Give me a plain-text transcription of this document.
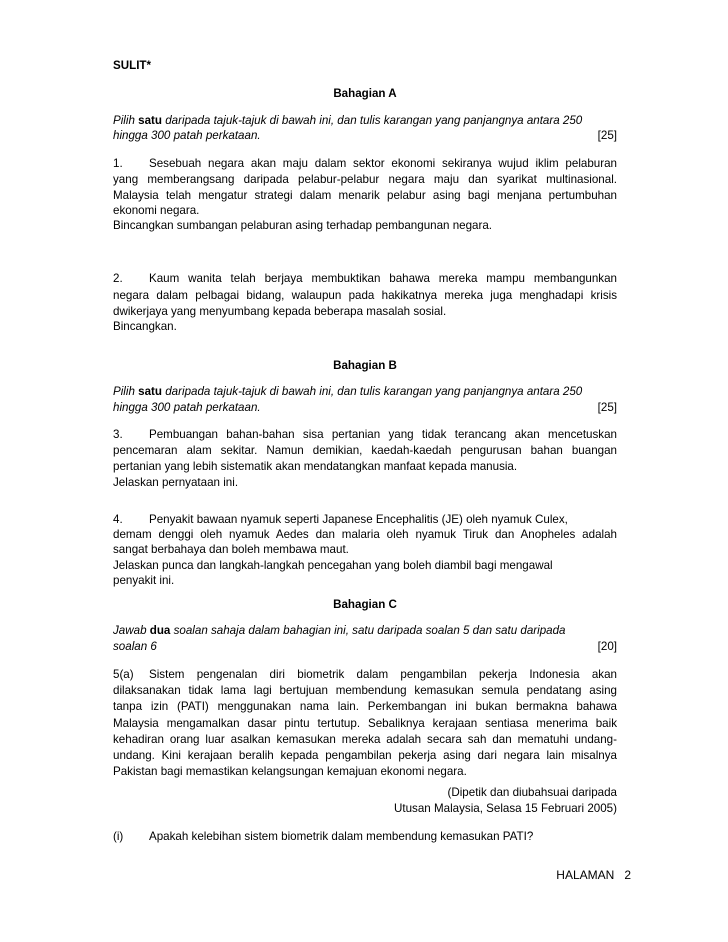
SULIT*
Bahagian A
Pilih satu daripada tajuk-tajuk di bawah ini, dan tulis karangan yang panjangnya antara 250
hingga 300 patah perkataan.	[25]
1. Sesebuah negara akan maju dalam sektor ekonomi sekiranya wujud iklim pelaburan
yang memberangsang daripada pelabur-pelabur negara maju dan syarikat multinasional.
Malaysia telah mengatur strategi dalam menarik pelabur asing bagi menjana pertumbuhan
ekonomi negara.
Bincangkan sumbangan pelaburan asing terhadap pembangunan negara.
2. Kaum wanita telah berjaya membuktikan bahawa mereka mampu membangunkan
negara dalam pelbagai bidang, walaupun pada hakikatnya mereka juga menghadapi krisis
dwikerjaya yang menyumbang kepada beberapa masalah sosial.
Bincangkan.
Bahagian B
Pilih satu daripada tajuk-tajuk di bawah ini, dan tulis karangan yang panjangnya antara 250
hingga 300 patah perkataan.	[25]
3. Pembuangan bahan-bahan sisa pertanian yang tidak terancang akan mencetuskan
pencemaran alam sekitar. Namun demikian, kaedah-kaedah pengurusan bahan buangan
pertanian yang lebih sistematik akan mendatangkan manfaat kepada manusia.
Jelaskan pernyataan ini.
4. Penyakit bawaan nyamuk seperti Japanese Encephalitis (JE) oleh nyamuk Culex,
demam denggi oleh nyamuk Aedes dan malaria oleh nyamuk Tiruk dan Anopheles adalah
sangat berbahaya dan boleh membawa maut.
Jelaskan punca dan langkah-langkah pencegahan yang boleh diambil bagi mengawal
penyakit ini.
Bahagian C
Jawab dua soalan sahaja dalam bahagian ini, satu daripada soalan 5 dan satu daripada
soalan 6	[20]
5(a) Sistem pengenalan diri biometrik dalam pengambilan pekerja Indonesia akan
dilaksanakan tidak lama lagi bertujuan membendung kemasukan semula pendatang asing
tanpa izin (PATI) menggunakan nama lain. Perkembangan ini bukan bermakna bahawa
Malaysia mengamalkan dasar pintu tertutup. Sebaliknya kerajaan sentiasa menerima baik
kehadiran orang luar asalkan kemasukan mereka adalah secara sah dan mematuhi undang-
undang. Kini kerajaan beralih kepada pengambilan pekerja asing dari negara lain misalnya
Pakistan bagi memastikan kelangsungan kemajuan ekonomi negara.
(Dipetik dan diubahsuai daripada
Utusan Malaysia, Selasa 15 Februari 2005)
(i) Apakah kelebihan sistem biometrik dalam membendung kemasukan PATI?
HALAMAN 2
